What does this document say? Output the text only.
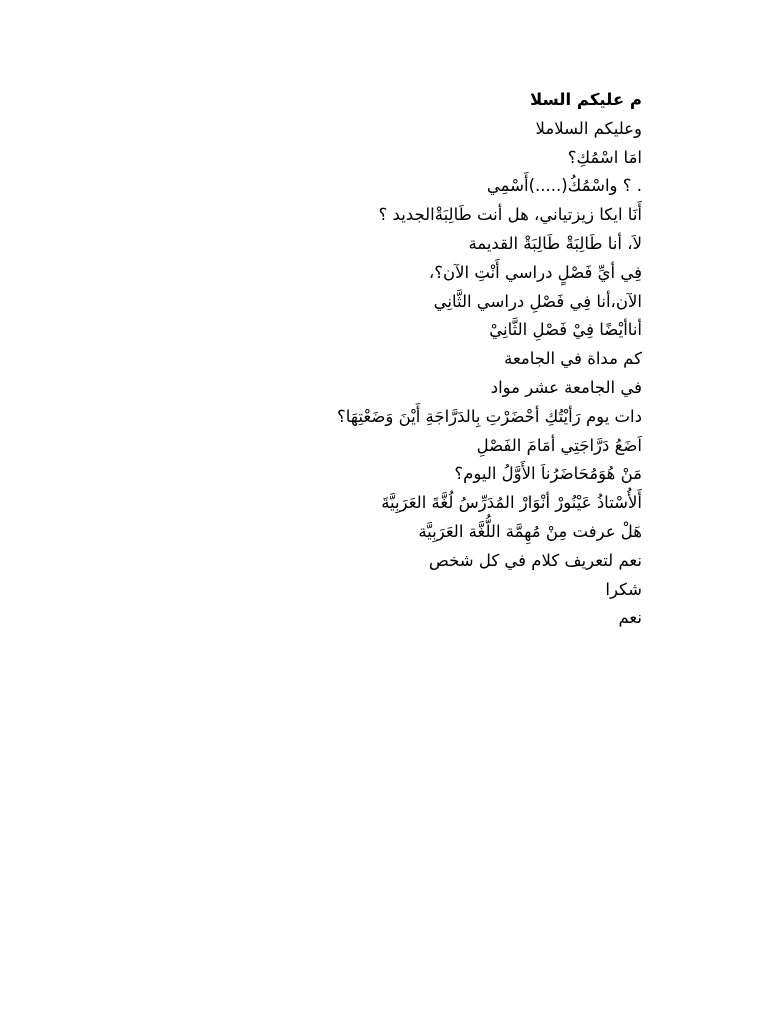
م عليكم السلا
وعليكم السلاملا
امَا اسْمُكِ؟
. ؟ واسْمُكُ(.....)أَسْمِي
أَنَا ايكا زيزتياني، هل أنت طَالِبَةْالجديد ؟
لاَ، أنا طَالِبَةْ طَالِبَةْ القديمة
فِي أيِّ فَصْلٍ دراسي أَنْتِ الآن؟،
الآن،أنا فِي فَصْلِ دراسي الثَّانِي
أناأيْضًا فِيْ فَصْلِ الثَّانِيْ
كم مداة في الجامعة
في الجامعة عشر مواد
دات يوم رَأيْتُكِ أحْضَرْتِ بِالدَرَّاجَةِ أَيْنَ وَضَعْتِهَا؟
اَضَعُ دَرَّاجَتِي أمَامَ الفَصْلِ
مَنْ هُوَمُحَاضَرُناَ الأَوَّلُ اليوم؟
أَلأُسْتاذُ عَيْنُورْ أنْوَارْ المُدَرِّسُ لُغَّةَ العَرَبِيَّةَ
هَلْ عرفت مِنْ مُهِمَّة اللُّغَّة العَرَبِيَّة
نعم لتعريف كلام في كل شخص
شكرا
نعم
